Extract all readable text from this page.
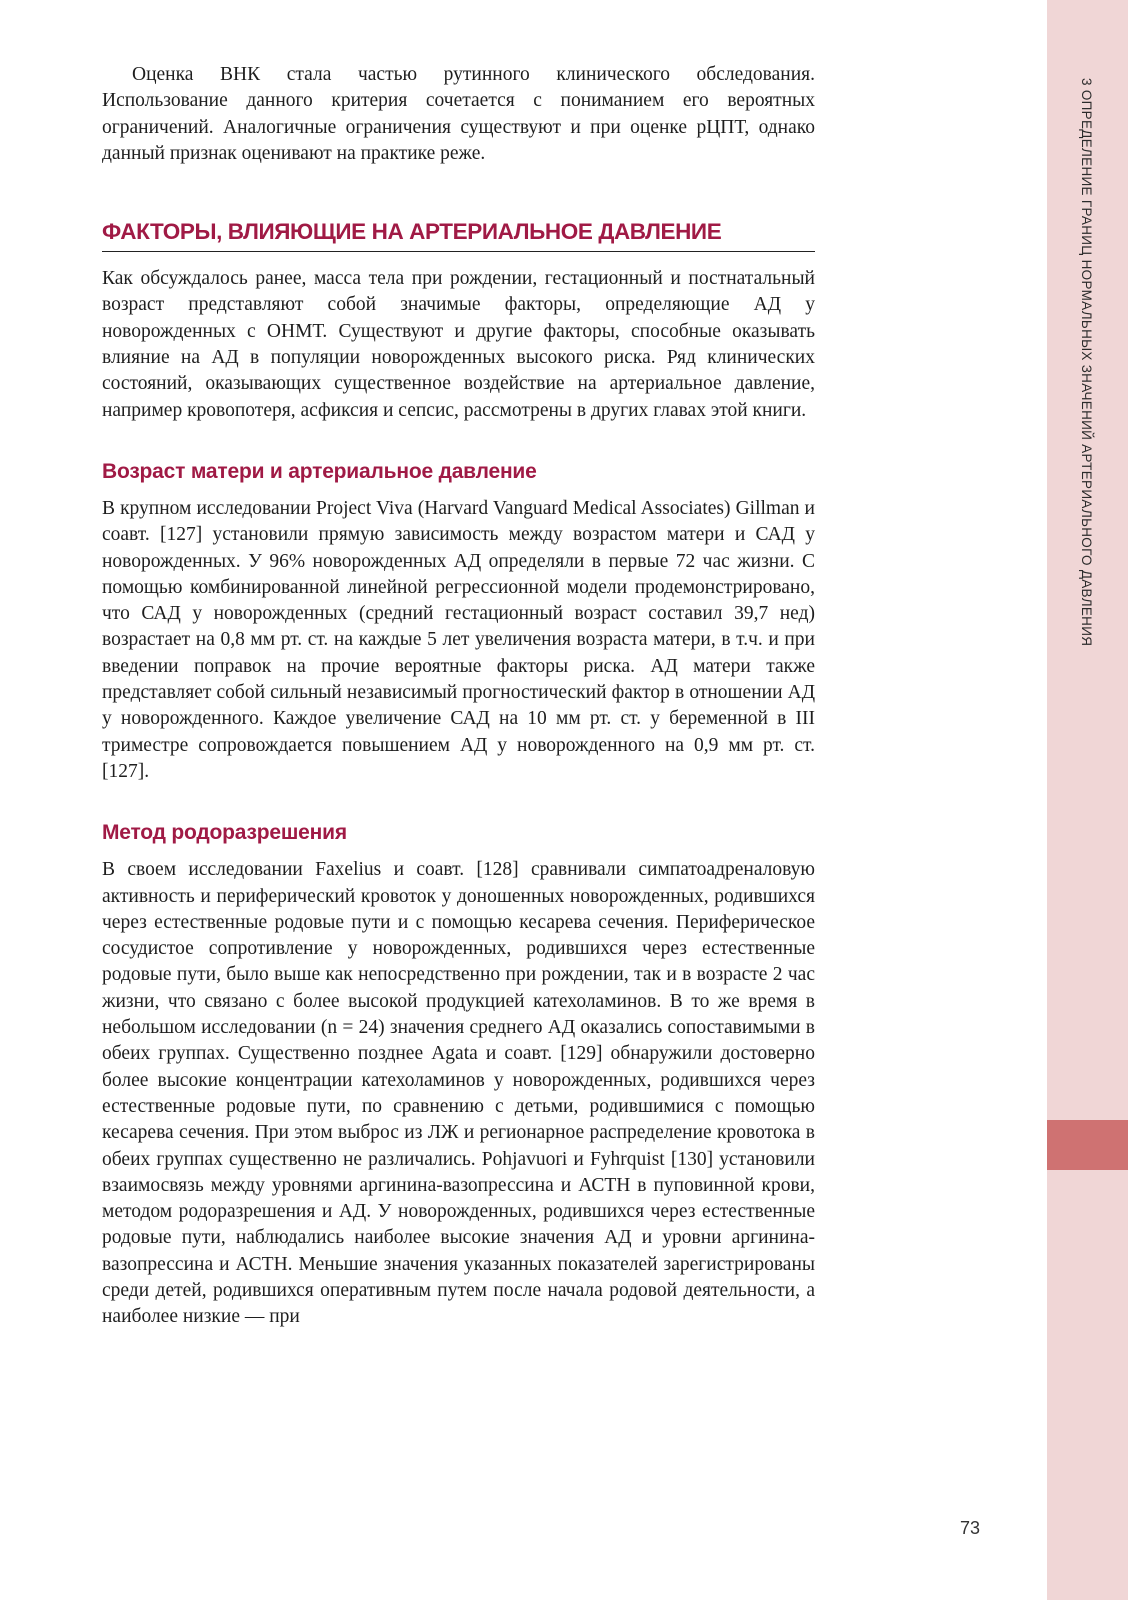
3 ОПРЕДЕЛЕНИЕ ГРАНИЦ НОРМАЛЬНЫХ ЗНАЧЕНИЙ АРТЕРИАЛЬНОГО ДАВЛЕНИЯ

Оценка ВНК стала частью рутинного клинического обследования. Использование данного критерия сочетается с пониманием его вероятных ограничений. Аналогичные ограничения существуют и при оценке рЦПТ, однако данный признак оценивают на практике реже.

ФАКТОРЫ, ВЛИЯЮЩИЕ НА АРТЕРИАЛЬНОЕ ДАВЛЕНИЕ

Как обсуждалось ранее, масса тела при рождении, гестационный и постнатальный возраст представляют собой значимые факторы, определяющие АД у новорожденных с ОНМТ. Существуют и другие факторы, способные оказывать влияние на АД в популяции новорожденных высокого риска. Ряд клинических состояний, оказывающих существенное воздействие на артериальное давление, например кровопотеря, асфиксия и сепсис, рассмотрены в других главах этой книги.

Возраст матери и артериальное давление

В крупном исследовании Project Viva (Harvard Vanguard Medical Associates) Gillman и соавт. [127] установили прямую зависимость между возрастом матери и САД у новорожденных. У 96% новорожденных АД определяли в первые 72 час жизни. С помощью комбинированной линейной регрессионной модели продемонстрировано, что САД у новорожденных (средний гестационный возраст составил 39,7 нед) возрастает на 0,8 мм рт. ст. на каждые 5 лет увеличения возраста матери, в т.ч. и при введении поправок на прочие вероятные факторы риска. АД матери также представляет собой сильный независимый прогностический фактор в отношении АД у новорожденного. Каждое увеличение САД на 10 мм рт. ст. у беременной в III триместре сопровождается повышением АД у новорожденного на 0,9 мм рт. ст. [127].

Метод родоразрешения

В своем исследовании Faxelius и соавт. [128] сравнивали симпатоадреналовую активность и периферический кровоток у доношенных новорожденных, родившихся через естественные родовые пути и с помощью кесарева сечения. Периферическое сосудистое сопротивление у новорожденных, родившихся через естественные родовые пути, было выше как непосредственно при рождении, так и в возрасте 2 час жизни, что связано с более высокой продукцией катехоламинов. В то же время в небольшом исследовании (n = 24) значения среднего АД оказались сопоставимыми в обеих группах. Существенно позднее Agata и соавт. [129] обнаружили достоверно более высокие концентрации катехоламинов у новорожденных, родившихся через естественные родовые пути, по сравнению с детьми, родившимися с помощью кесарева сечения. При этом выброс из ЛЖ и регионарное распределение кровотока в обеих группах существенно не различались. Pohjavuori и Fyhrquist [130] установили взаимосвязь между уровнями аргинина-вазопрессина и АСТН в пуповинной крови, методом родоразрешения и АД. У новорожденных, родившихся через естественные родовые пути, наблюдались наиболее высокие значения АД и уровни аргинина-вазопрессина и АСТН. Меньшие значения указанных показателей зарегистрированы среди детей, родившихся оперативным путем после начала родовой деятельности, а наиболее низкие — при

73
